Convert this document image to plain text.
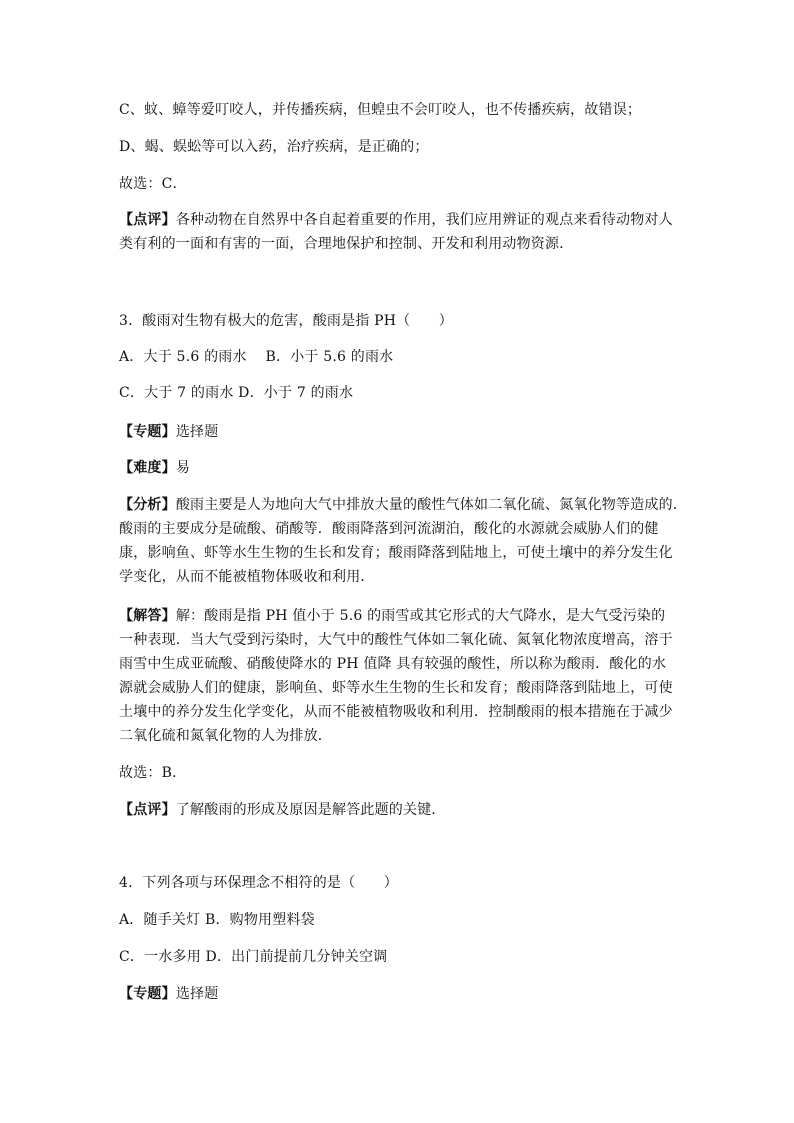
C、蚊、蟑等爱叮咬人，并传播疾病，但蝗虫不会叮咬人，也不传播疾病，故错误；
D、蝎、蜈蚣等可以入药，治疗疾病，是正确的；
故选：C．
【点评】各种动物在自然界中各自起着重要的作用，我们应用辨证的观点来看待动物对人类有利的一面和有害的一面，合理地保护和控制、开发和利用动物资源．
3．酸雨对生物有极大的危害，酸雨是指 PH（　　）
A．大于 5.6 的雨水　 B．小于 5.6 的雨水
C．大于 7 的雨水 D．小于 7 的雨水
【专题】选择题
【难度】易
【分析】酸雨主要是人为地向大气中排放大量的酸性气体如二氧化硫、氮氧化物等造成的.酸雨的主要成分是硫酸、硝酸等．酸雨降落到河流湖泊，酸化的水源就会威胁人们的健康，影响鱼、虾等水生生物的生长和发育；酸雨降落到陆地上，可使土壤中的养分发生化学变化，从而不能被植物体吸收和利用．
【解答】解：酸雨是指 PH 值小于 5.6 的雨雪或其它形式的大气降水，是大气受污染的一种表现．当大气受到污染时，大气中的酸性气体如二氧化硫、氮氧化物浓度增高，溶于雨雪中生成亚硫酸、硝酸使降水的 PH 值降 具有较强的酸性，所以称为酸雨．酸化的水源就会威胁人们的健康，影响鱼、虾等水生生物的生长和发育；酸雨降落到陆地上，可使土壤中的养分发生化学变化，从而不能被植物吸收和利用．控制酸雨的根本措施在于减少二氧化硫和氮氧化物的人为排放．
故选：B．
【点评】了解酸雨的形成及原因是解答此题的关键．
4．下列各项与环保理念不相符的是（　　）
A．随手关灯 B．购物用塑料袋
C．一水多用 D．出门前提前几分钟关空调
【专题】选择题
